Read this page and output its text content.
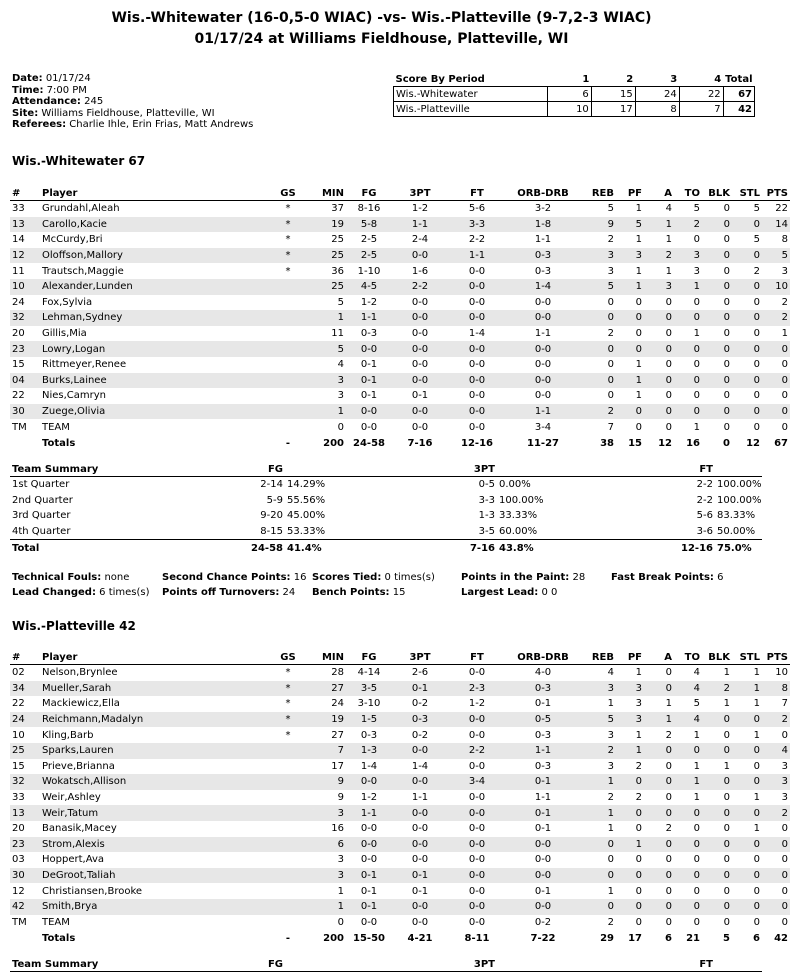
Wis.-Whitewater (16-0,5-0 WIAC) -vs- Wis.-Platteville (9-7,2-3 WIAC)
01/17/24 at Williams Fieldhouse, Platteville, WI
Date: 01/17/24
Time: 7:00 PM
Attendance: 245
Site: Williams Fieldhouse, Platteville, WI
Referees: Charlie Ihle, Erin Frias, Matt Andrews
Score By Period	1	2	3	4	Total
Wis.-Whitewater	6	15	24	22	67
Wis.-Platteville	10	17	8	7	42
Wis.-Whitewater 67
#	Player	GS	MIN	FG	3PT	FT	ORB-DRB	REB	PF	A	TO	BLK	STL	PTS
33	Grundahl,Aleah	*	37	8-16	1-2	5-6	3-2	5	1	4	5	0	5	22
13	Carollo,Kacie	*	19	5-8	1-1	3-3	1-8	9	5	1	2	0	0	14
14	McCurdy,Bri	*	25	2-5	2-4	2-2	1-1	2	1	1	0	0	5	8
12	Oloffson,Mallory	*	25	2-5	0-0	1-1	0-3	3	3	2	3	0	0	5
11	Trautsch,Maggie	*	36	1-10	1-6	0-0	0-3	3	1	1	3	0	2	3
10	Alexander,Lunden		25	4-5	2-2	0-0	1-4	5	1	3	1	0	0	10
24	Fox,Sylvia		5	1-2	0-0	0-0	0-0	0	0	0	0	0	0	2
32	Lehman,Sydney		1	1-1	0-0	0-0	0-0	0	0	0	0	0	0	2
20	Gillis,Mia		11	0-3	0-0	1-4	1-1	2	0	0	1	0	0	1
23	Lowry,Logan		5	0-0	0-0	0-0	0-0	0	0	0	0	0	0	0
15	Rittmeyer,Renee		4	0-1	0-0	0-0	0-0	0	1	0	0	0	0	0
04	Burks,Lainee		3	0-1	0-0	0-0	0-0	0	1	0	0	0	0	0
22	Nies,Camryn		3	0-1	0-1	0-0	0-0	0	1	0	0	0	0	0
30	Zuege,Olivia		1	0-0	0-0	0-0	1-1	2	0	0	0	0	0	0
TM	TEAM		0	0-0	0-0	0-0	3-4	7	0	0	1	0	0	0
	Totals	-	200	24-58	7-16	12-16	11-27	38	15	12	16	0	12	67
Team Summary	FG		3PT		FT	
1st Quarter	2-14	14.29%	0-5	0.00%	2-2	100.00%
2nd Quarter	5-9	55.56%	3-3	100.00%	2-2	100.00%
3rd Quarter	9-20	45.00%	1-3	33.33%	5-6	83.33%
4th Quarter	8-15	53.33%	3-5	60.00%	3-6	50.00%
Total	24-58	41.4%	7-16	43.8%	12-16	75.0%
Technical Fouls: none	Second Chance Points: 16 Scores Tied: 0 times(s)	Points in the Paint: 28	Fast Break Points: 6
Lead Changed: 6 times(s) Points off Turnovers: 24 Bench Points: 15	Largest Lead: 0 0
Wis.-Platteville 42
#	Player	GS	MIN	FG	3PT	FT	ORB-DRB	REB	PF	A	TO	BLK	STL	PTS
02	Nelson,Brynlee	*	28	4-14	2-6	0-0	4-0	4	1	0	4	1	1	10
34	Mueller,Sarah	*	27	3-5	0-1	2-3	0-3	3	3	0	4	2	1	8
22	Mackiewicz,Ella	*	24	3-10	0-2	1-2	0-1	1	3	1	5	1	1	7
24	Reichmann,Madalyn	*	19	1-5	0-3	0-0	0-5	5	3	1	4	0	0	2
10	Kling,Barb	*	27	0-3	0-2	0-0	0-3	3	1	2	1	0	1	0
25	Sparks,Lauren		7	1-3	0-0	2-2	1-1	2	1	0	0	0	0	4
15	Prieve,Brianna		17	1-4	1-4	0-0	0-3	3	2	0	1	1	0	3
32	Wokatsch,Allison		9	0-0	0-0	3-4	0-1	1	0	0	1	0	0	3
33	Weir,Ashley		9	1-2	1-1	0-0	1-1	2	2	0	1	0	1	3
13	Weir,Tatum		3	1-1	0-0	0-0	0-1	1	0	0	0	0	0	2
20	Banasik,Macey		16	0-0	0-0	0-0	0-1	1	0	2	0	0	1	0
23	Strom,Alexis		6	0-0	0-0	0-0	0-0	0	1	0	0	0	0	0
03	Hoppert,Ava		3	0-0	0-0	0-0	0-0	0	0	0	0	0	0	0
30	DeGroot,Taliah		3	0-1	0-1	0-0	0-0	0	0	0	0	0	0	0
12	Christiansen,Brooke		1	0-1	0-1	0-0	0-1	1	0	0	0	0	0	0
42	Smith,Brya		1	0-1	0-0	0-0	0-0	0	0	0	0	0	0	0
TM	TEAM		0	0-0	0-0	0-0	0-2	2	0	0	0	0	0	0
	Totals	-	200	15-50	4-21	8-11	7-22	29	17	6	21	5	6	42
Team Summary	FG		3PT		FT	
